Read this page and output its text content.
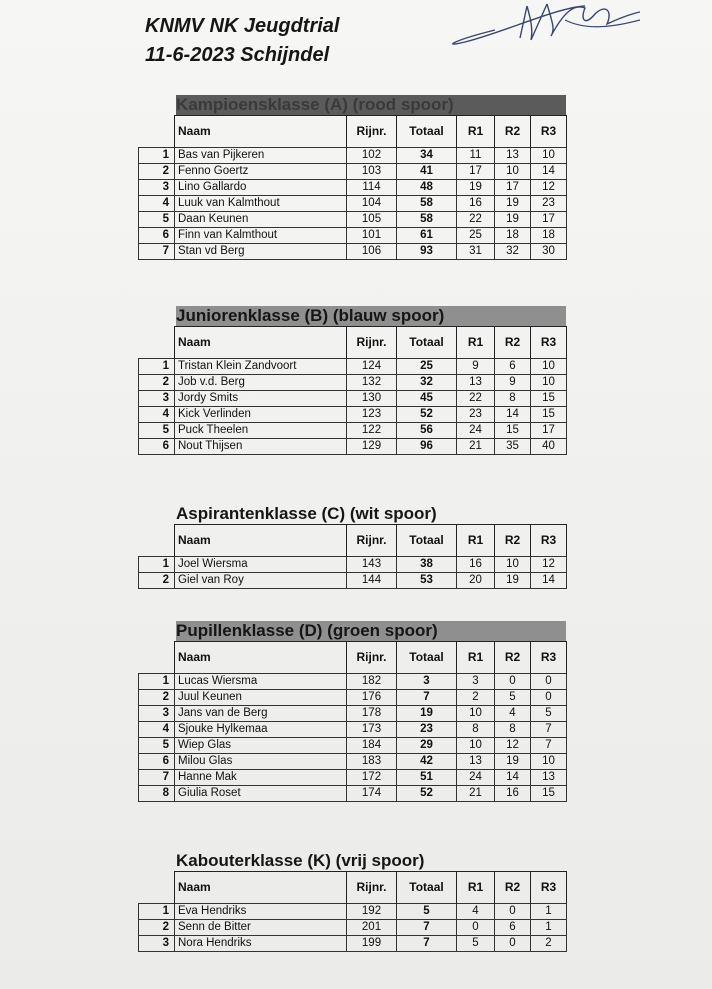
KNMV NK Jeugdtrial
11-6-2023 Schijndel
Kampioensklasse (A) (rood spoor)
	Naam	Rijnr.	Totaal	R1	R2	R3
1	Bas van Pijkeren	102	34	11	13	10
2	Fenno Goertz	103	41	17	10	14
3	Lino Gallardo	114	48	19	17	12
4	Luuk van Kalmthout	104	58	16	19	23
5	Daan Keunen	105	58	22	19	17
6	Finn van Kalmthout	101	61	25	18	18
7	Stan vd Berg	106	93	31	32	30
Juniorenklasse (B) (blauw spoor)
	Naam	Rijnr.	Totaal	R1	R2	R3
1	Tristan Klein Zandvoort	124	25	9	6	10
2	Job v.d. Berg	132	32	13	9	10
3	Jordy Smits	130	45	22	8	15
4	Kick Verlinden	123	52	23	14	15
5	Puck Theelen	122	56	24	15	17
6	Nout Thijsen	129	96	21	35	40
Aspirantenklasse (C) (wit spoor)
	Naam	Rijnr.	Totaal	R1	R2	R3
1	Joel Wiersma	143	38	16	10	12
2	Giel van Roy	144	53	20	19	14
Pupillenklasse (D) (groen spoor)
	Naam	Rijnr.	Totaal	R1	R2	R3
1	Lucas Wiersma	182	3	3	0	0
2	Juul Keunen	176	7	2	5	0
3	Jans van de Berg	178	19	10	4	5
4	Sjouke Hylkemaa	173	23	8	8	7
5	Wiep Glas	184	29	10	12	7
6	Milou Glas	183	42	13	19	10
7	Hanne Mak	172	51	24	14	13
8	Giulia Roset	174	52	21	16	15
Kabouterklasse (K) (vrij spoor)
	Naam	Rijnr.	Totaal	R1	R2	R3
1	Eva Hendriks	192	5	4	0	1
2	Senn de Bitter	201	7	0	6	1
3	Nora Hendriks	199	7	5	0	2
